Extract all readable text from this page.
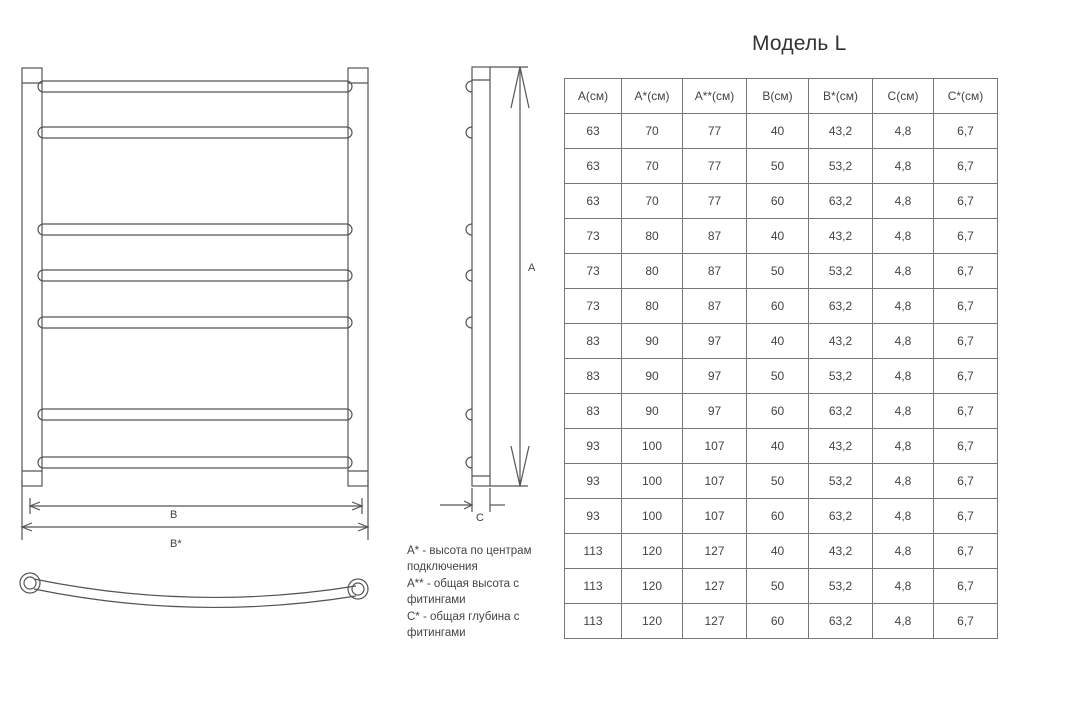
B
B*
A
C
Модель L
A* - высота по центрам подключения
A** - общая высота с фитингами
C* - общая глубина с фитингами
A(см)	A*(см)	A**(см)	B(см)	B*(см)	C(см)	C*(см)
63	70	77	40	43,2	4,8	6,7
63	70	77	50	53,2	4,8	6,7
63	70	77	60	63,2	4,8	6,7
73	80	87	40	43,2	4,8	6,7
73	80	87	50	53,2	4,8	6,7
73	80	87	60	63,2	4,8	6,7
83	90	97	40	43,2	4,8	6,7
83	90	97	50	53,2	4,8	6,7
83	90	97	60	63,2	4,8	6,7
93	100	107	40	43,2	4,8	6,7
93	100	107	50	53,2	4,8	6,7
93	100	107	60	63,2	4,8	6,7
113	120	127	40	43,2	4,8	6,7
113	120	127	50	53,2	4,8	6,7
113	120	127	60	63,2	4,8	6,7
